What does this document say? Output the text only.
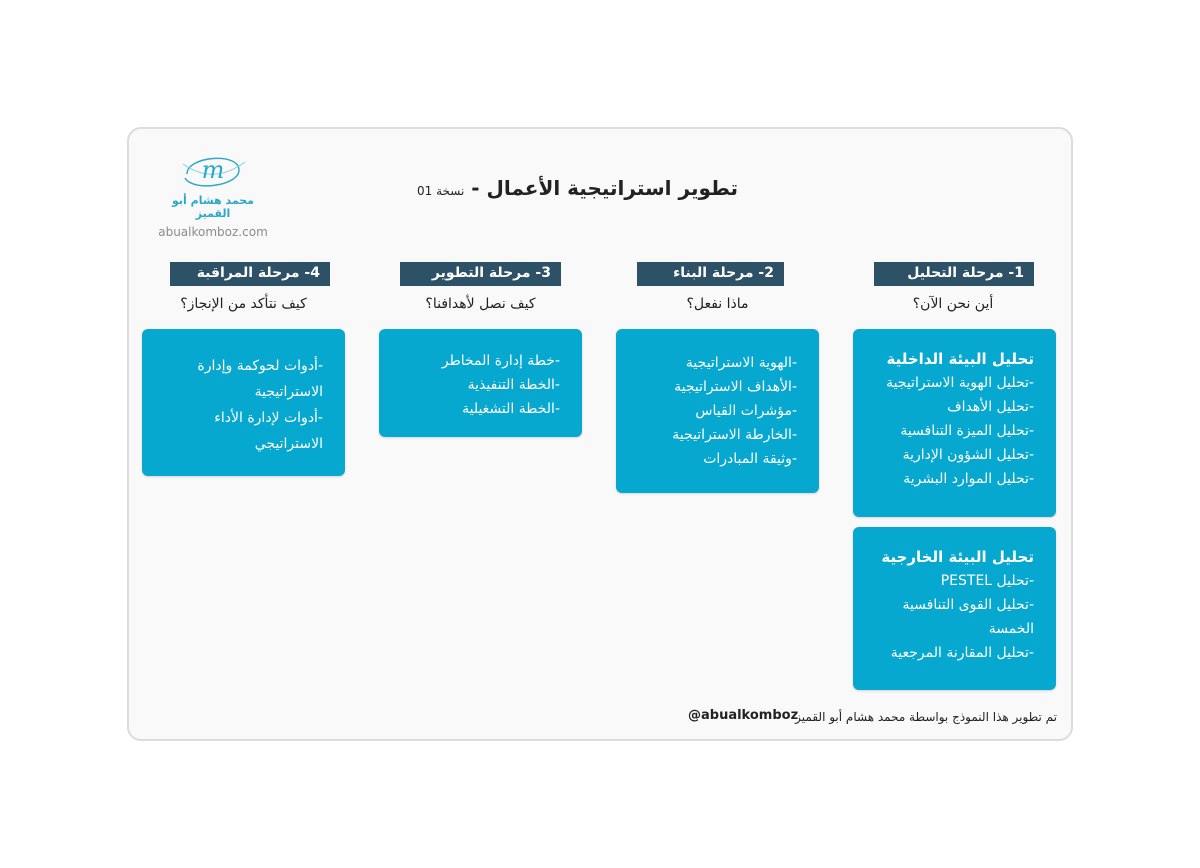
m
محمد هشام أبو القميز
abualkomboz.com
تطوير استراتيجية الأعمال - نسخة 01
1- مرحلة التحليل
أين نحن الآن؟
تحليل البيئة الداخلية
-تحليل الهوية الاستراتيجية
-تحليل الأهداف
-تحليل الميزة التنافسية
-تحليل الشؤون الإدارية
-تحليل الموارد البشرية
تحليل البيئة الخارجية
-تحليل PESTEL
-تحليل القوى التنافسية الخمسة
-تحليل المقارنة المرجعية
2- مرحلة البناء
ماذا نفعل؟
-الهوية الاستراتيجية
-الأهداف الاستراتيجية
-مؤشرات القياس
-الخارطة الاستراتيجية
-وثيقة المبادرات
3- مرحلة التطوير
كيف نصل لأهدافنا؟
-خطة إدارة المخاطر
-الخطة التنفيذية
-الخطة التشغيلية
4- مرحلة المراقبة
كيف نتأكد من الإنجاز؟
-أدوات لحوكمة وإدارة الاستراتيجية
-أدوات لإدارة الأداء الاستراتيجي
تم تطوير هذا النموذج بواسطة محمد هشام أبو القميز
@abualkomboz
